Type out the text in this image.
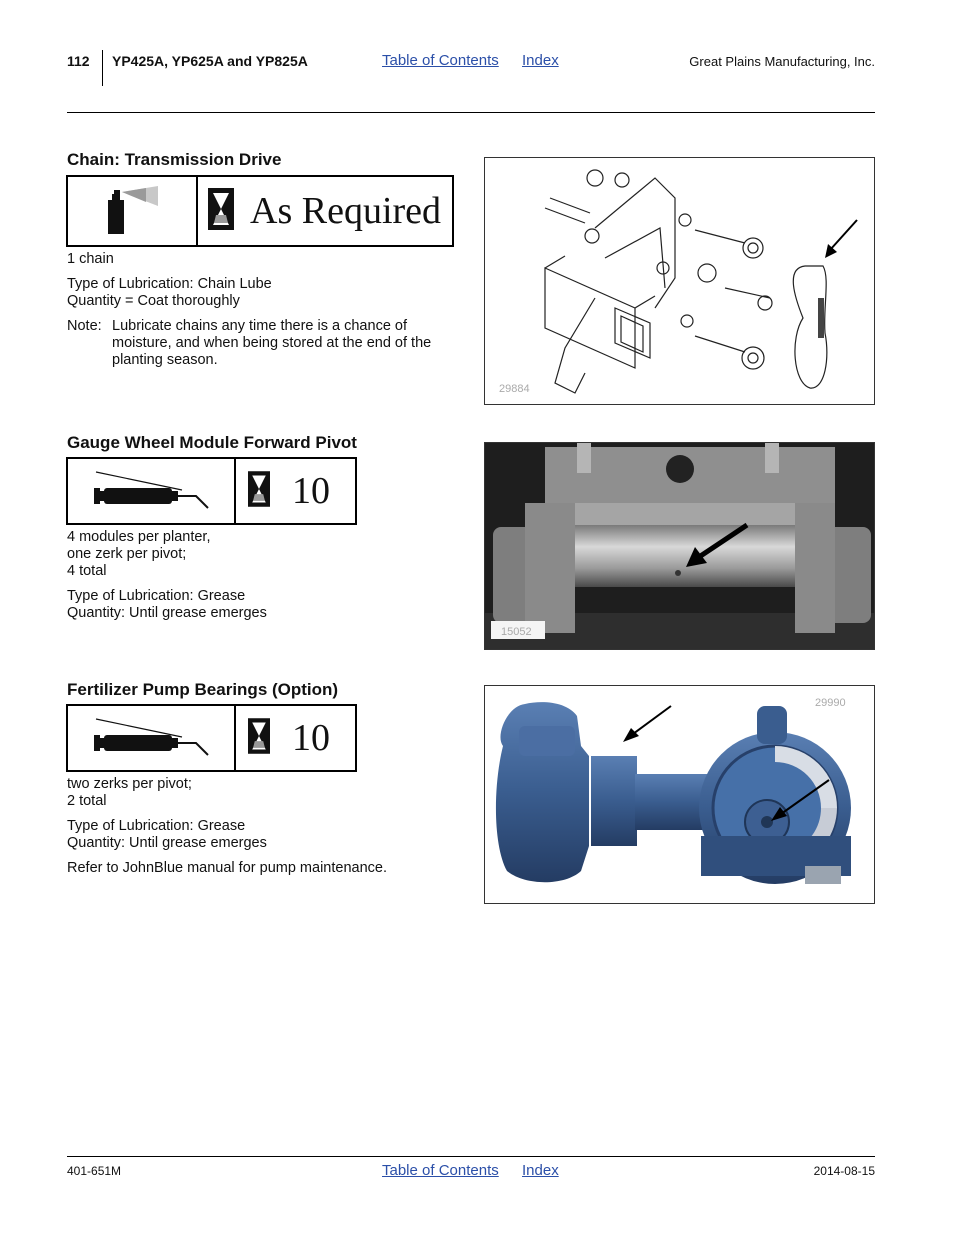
112 YP425A, YP625A and YP825A	Table of Contents Index	Great Plains Manufacturing, Inc.
Chain: Transmission Drive
As Required

1 chain

Type of Lubrication: Chain Lube
Quantity = Coat thoroughly

Note: Lubricate chains any time there is a chance of moisture, and when being stored at the end of the planting season.
29884
Gauge Wheel Module Forward Pivot
10

4 modules per planter,
one zerk per pivot;
4 total

Type of Lubrication: Grease
Quantity: Until grease emerges

15052
Fertilizer Pump Bearings (Option)
10

two zerks per pivot;
2 total

Type of Lubrication: Grease
Quantity: Until grease emerges

Refer to JohnBlue manual for pump maintenance.

29990
401-651M	Table of Contents Index	2014-08-15
